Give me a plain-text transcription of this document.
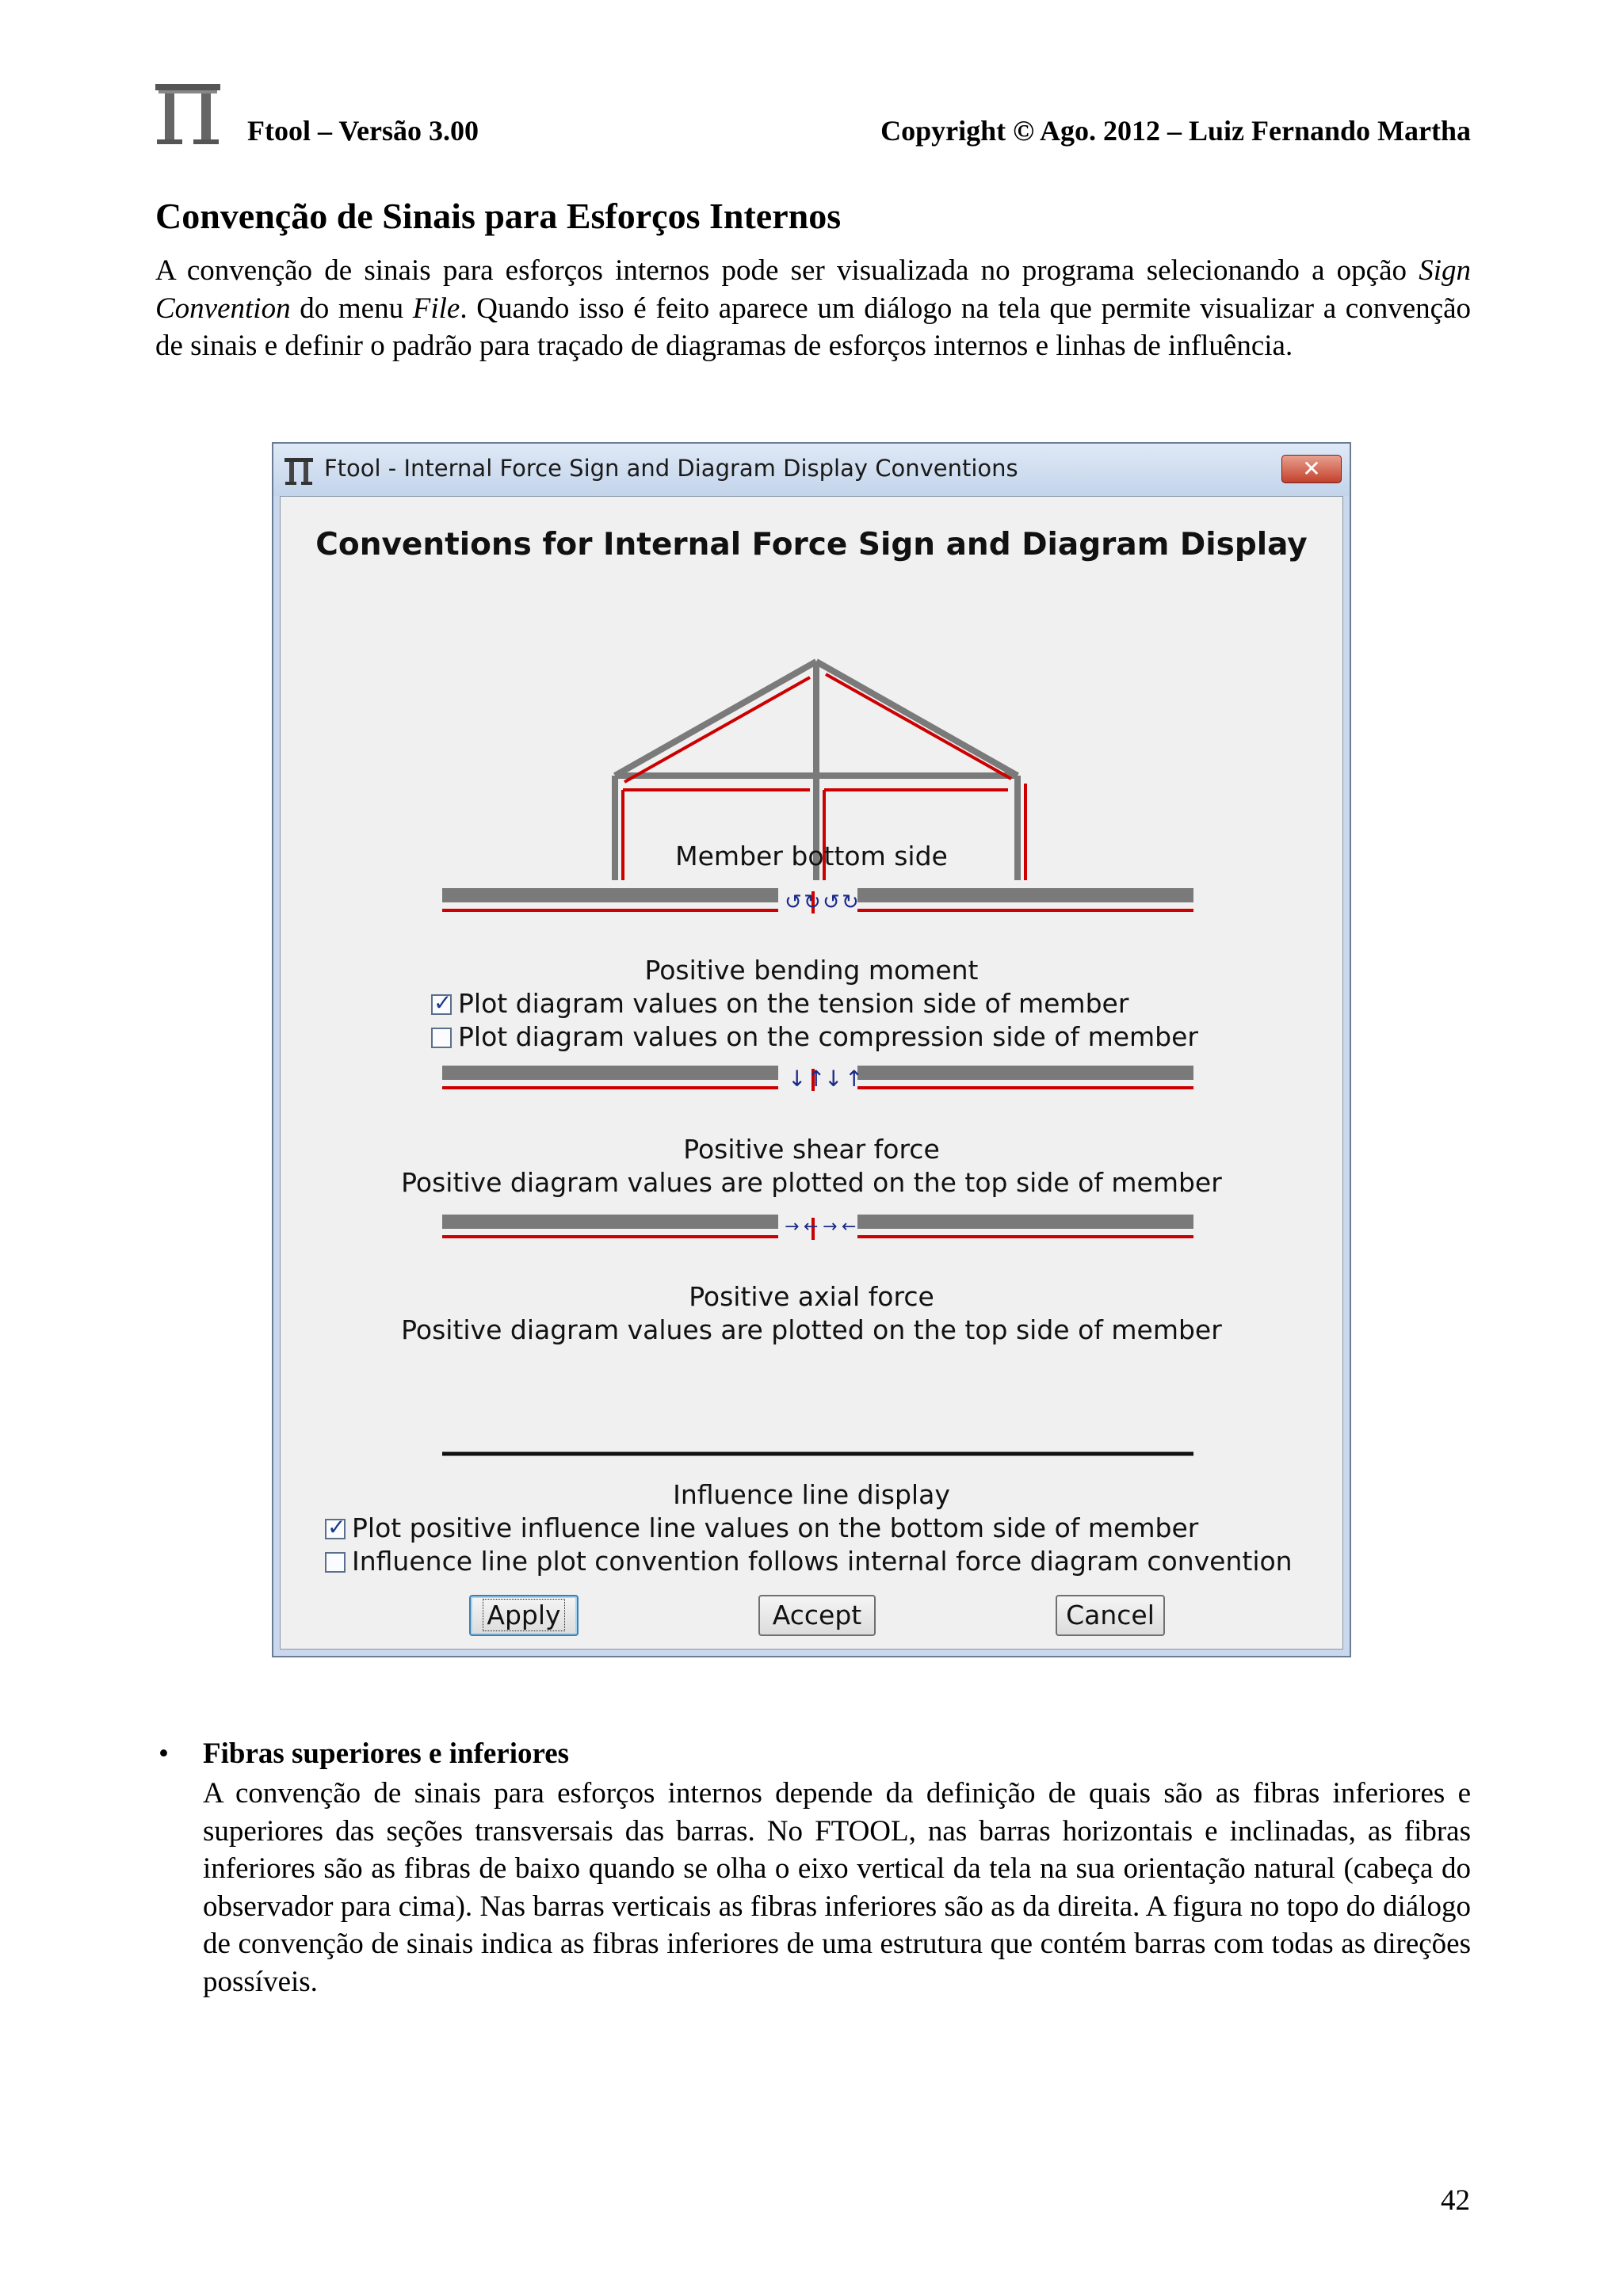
Ftool – Versão 3.00	Copyright © Ago. 2012 – Luiz Fernando Martha
Convenção de Sinais para Esforços Internos

A convenção de sinais para esforços internos pode ser visualizada no programa selecionando a opção Sign Convention do menu File. Quando isso é feito aparece um diálogo na tela que permite visualizar a convenção de sinais e definir o padrão para traçado de diagramas de esforços internos e linhas de influência.

Ftool - Internal Force Sign and Diagram Display Conventions	✕
Conventions for Internal Force Sign and Diagram Display
↺ ↻ ↺ ↻
↓ ↑
↓ ↑
→ ← → ←
Member bottom side
Positive bending moment
✓Plot diagram values on the tension side of member
Plot diagram values on the compression side of member
Positive shear force
Positive diagram values are plotted on the top side of member
Positive axial force
Positive diagram values are plotted on the top side of member
Influence line display
✓Plot positive influence line values on the bottom side of member
Influence line plot convention follows internal force diagram convention
Apply	Accept	Cancel
• Fibras superiores e inferiores
A convenção de sinais para esforços internos depende da definição de quais são as fibras inferiores e superiores das seções transversais das barras. No FTOOL, nas barras horizontais e inclinadas, as fibras inferiores são as fibras de baixo quando se olha o eixo vertical da tela na sua orientação natural (cabeça do observador para cima). Nas barras verticais as fibras inferiores são as da direita. A figura no topo do diálogo de convenção de sinais indica as fibras inferiores de uma estrutura que contém barras com todas as direções possíveis.
42
